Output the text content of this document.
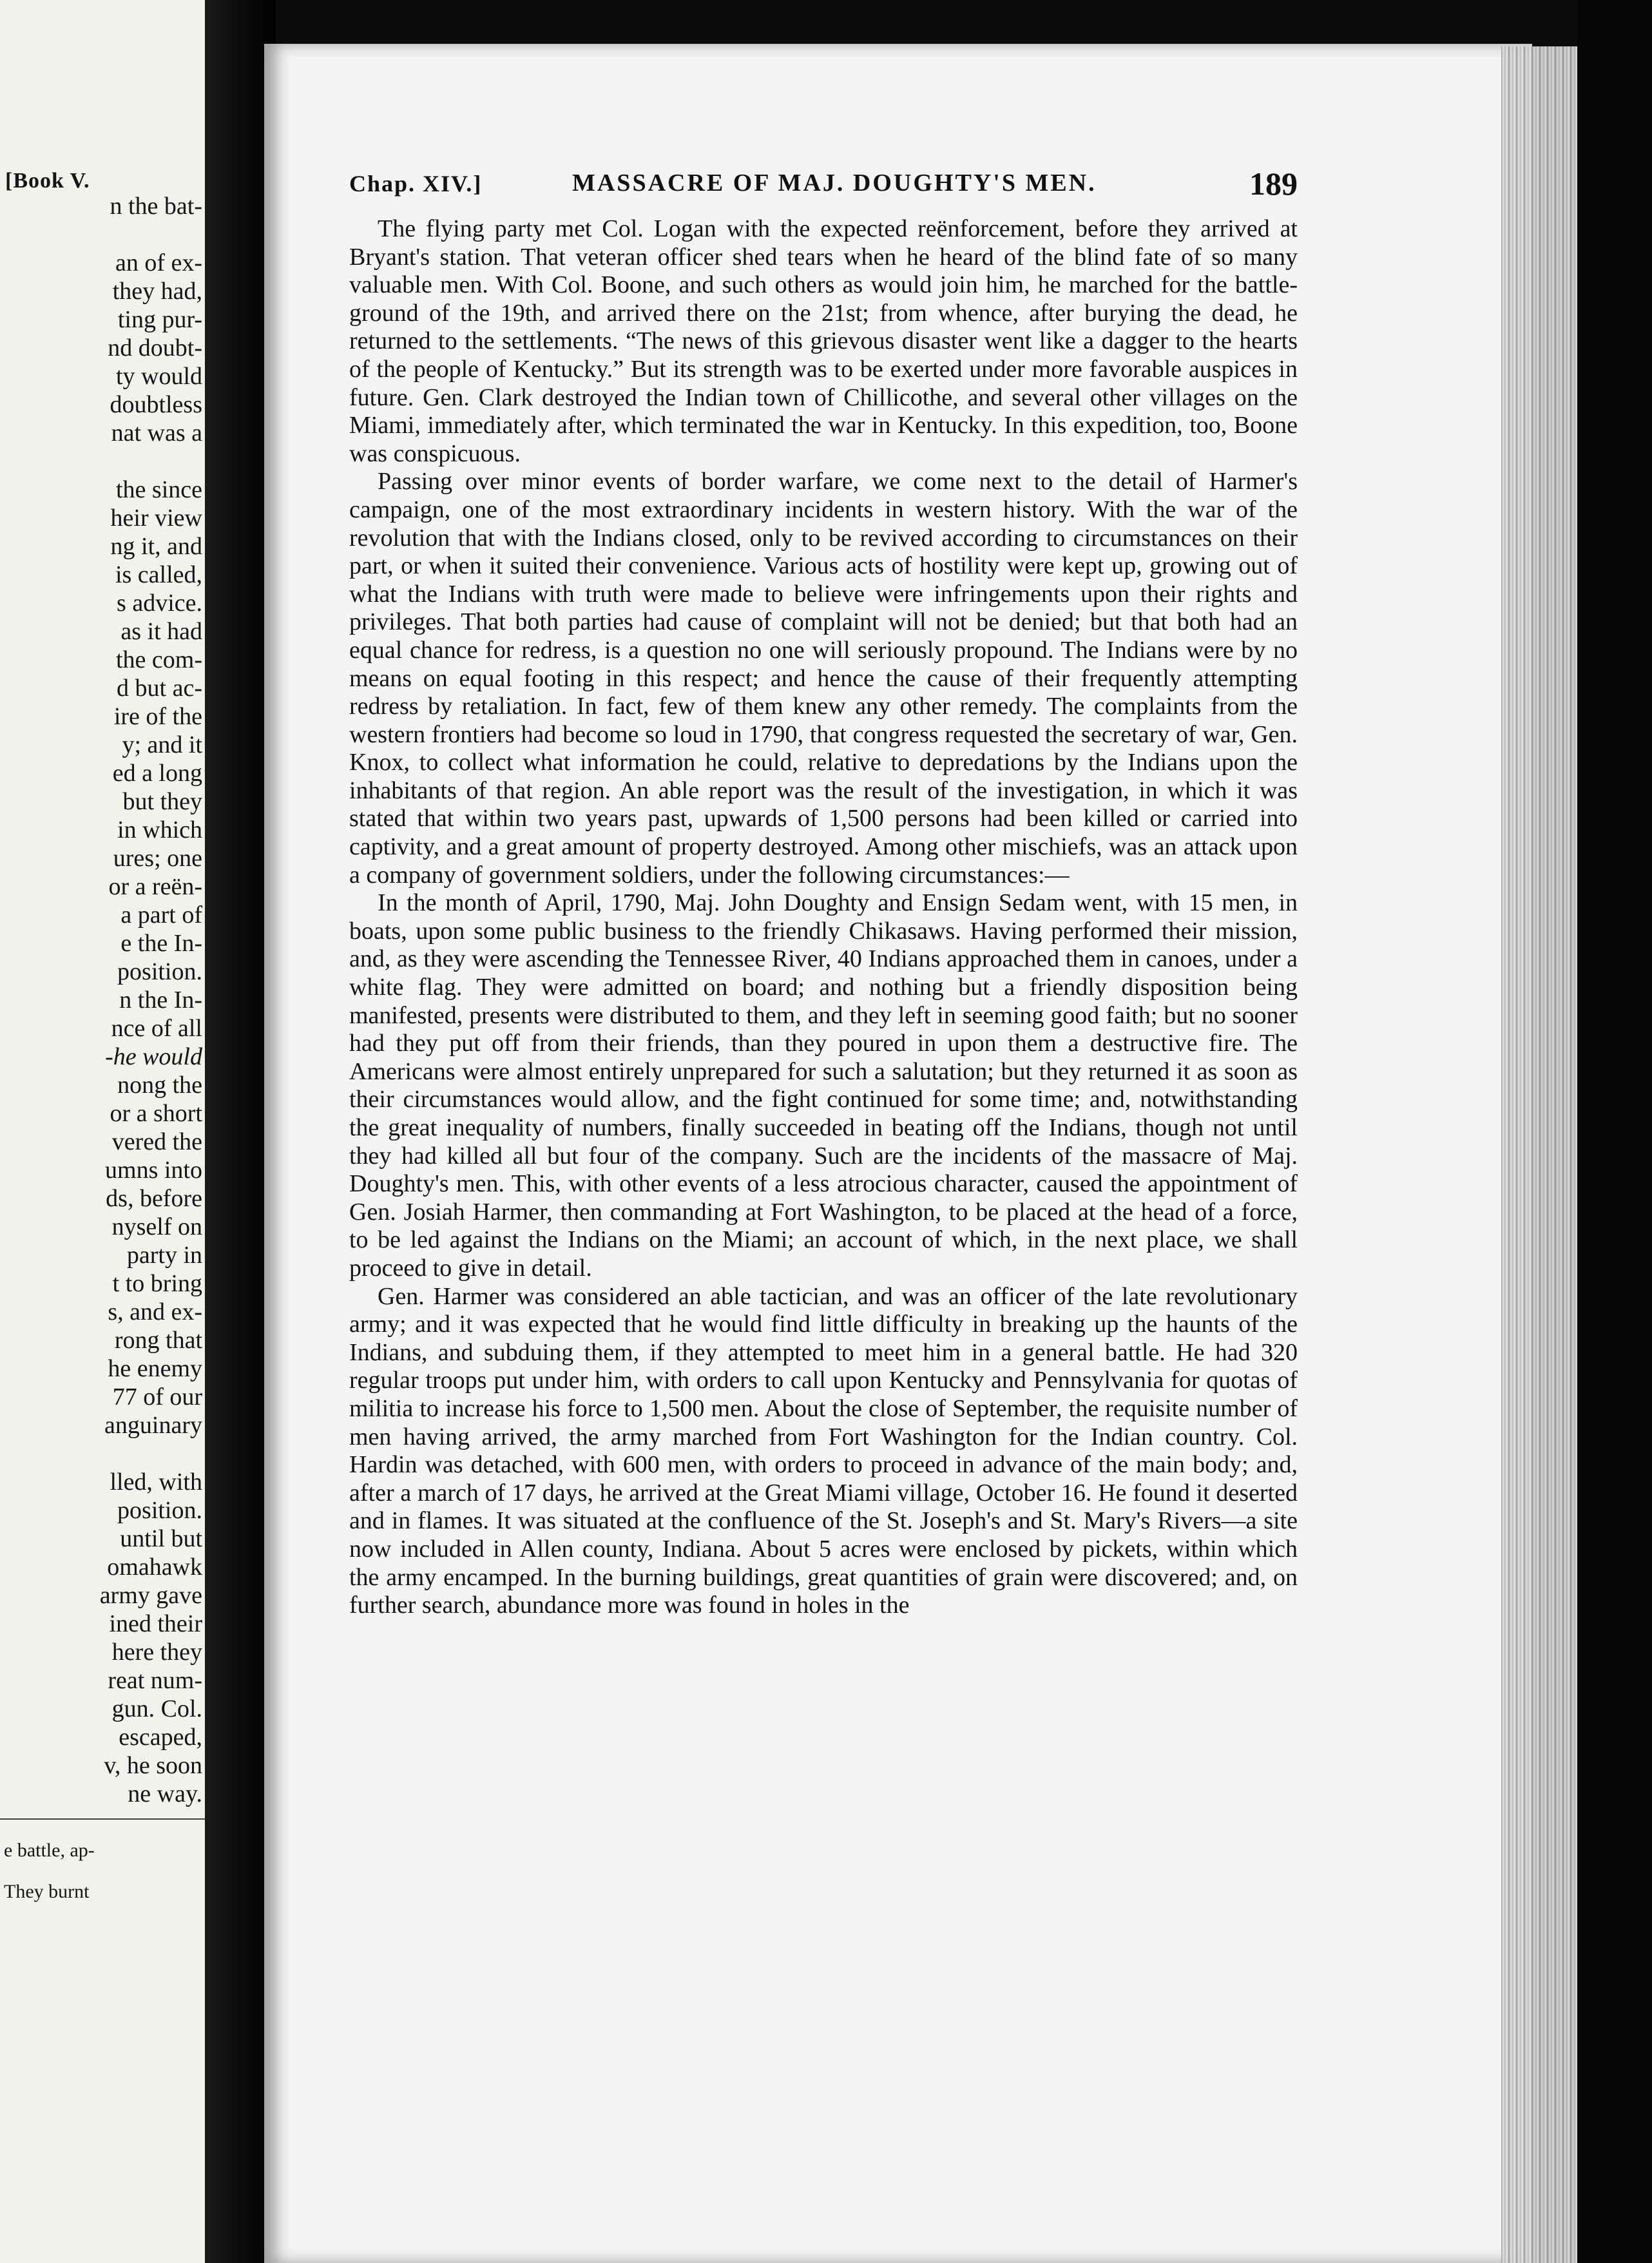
[Book V.
n the bat-
an of ex-
they had,
ting pur-
nd doubt-
ty would
doubtless
nat was a
the since
heir view
ng it, and
is called,
s advice.
as it had
the com-
d but ac-
ire of the
y; and it
ed a long
but they
in which
ures; one
or a reën-
a part of
e the In-
position.
n the In-
nce of all
-he would
nong the
or a short
vered the
umns into
ds, before
nyself on
party in
t to bring
s, and ex-
rong that
he enemy
77 of our
anguinary
lled, with
position.
until but
omahawk
army gave
ined their
here they
reat num-
gun. Col.
escaped,
v, he soon
ne way.
e battle, ap-
They burnt
Chap. XIV.]	MASSACRE OF MAJ. DOUGHTY'S MEN.	189

The flying party met Col. Logan with the expected reënforcement, before they arrived at Bryant's station. That veteran officer shed tears when he heard of the blind fate of so many valuable men. With Col. Boone, and such others as would join him, he marched for the battle-ground of the 19th, and arrived there on the 21st; from whence, after burying the dead, he returned to the settlements. “The news of this grievous disaster went like a dagger to the hearts of the people of Kentucky.” But its strength was to be exerted under more favorable auspices in future. Gen. Clark destroyed the Indian town of Chillicothe, and several other villages on the Miami, immediately after, which terminated the war in Kentucky. In this expedition, too, Boone was conspicuous.

Passing over minor events of border warfare, we come next to the detail of Harmer's campaign, one of the most extraordinary incidents in western history. With the war of the revolution that with the Indians closed, only to be revived according to circumstances on their part, or when it suited their convenience. Various acts of hostility were kept up, growing out of what the Indians with truth were made to believe were infringements upon their rights and privileges. That both parties had cause of complaint will not be denied; but that both had an equal chance for redress, is a question no one will seriously propound. The Indians were by no means on equal footing in this respect; and hence the cause of their frequently attempting redress by retaliation. In fact, few of them knew any other remedy. The complaints from the western frontiers had become so loud in 1790, that congress requested the secretary of war, Gen. Knox, to collect what information he could, relative to depredations by the Indians upon the inhabitants of that region. An able report was the result of the investigation, in which it was stated that within two years past, upwards of 1,500 persons had been killed or carried into captivity, and a great amount of property destroyed. Among other mischiefs, was an attack upon a company of government soldiers, under the following circumstances:—

In the month of April, 1790, Maj. John Doughty and Ensign Sedam went, with 15 men, in boats, upon some public business to the friendly Chikasaws. Having performed their mission, and, as they were ascending the Tennessee River, 40 Indians approached them in canoes, under a white flag. They were admitted on board; and nothing but a friendly disposition being manifested, presents were distributed to them, and they left in seeming good faith; but no sooner had they put off from their friends, than they poured in upon them a destructive fire. The Americans were almost entirely unprepared for such a salutation; but they returned it as soon as their circumstances would allow, and the fight continued for some time; and, notwithstanding the great inequality of numbers, finally succeeded in beating off the Indians, though not until they had killed all but four of the company. Such are the incidents of the massacre of Maj. Doughty's men. This, with other events of a less atrocious character, caused the appointment of Gen. Josiah Harmer, then commanding at Fort Washington, to be placed at the head of a force, to be led against the Indians on the Miami; an account of which, in the next place, we shall proceed to give in detail.

Gen. Harmer was considered an able tactician, and was an officer of the late revolutionary army; and it was expected that he would find little difficulty in breaking up the haunts of the Indians, and subduing them, if they attempted to meet him in a general battle. He had 320 regular troops put under him, with orders to call upon Kentucky and Pennsylvania for quotas of militia to increase his force to 1,500 men. About the close of September, the requisite number of men having arrived, the army marched from Fort Washington for the Indian country. Col. Hardin was detached, with 600 men, with orders to proceed in advance of the main body; and, after a march of 17 days, he arrived at the Great Miami village, October 16. He found it deserted and in flames. It was situated at the confluence of the St. Joseph's and St. Mary's Rivers—a site now included in Allen county, Indiana. About 5 acres were enclosed by pickets, within which the army encamped. In the burning buildings, great quantities of grain were discovered; and, on further search, abundance more was found in holes in the
